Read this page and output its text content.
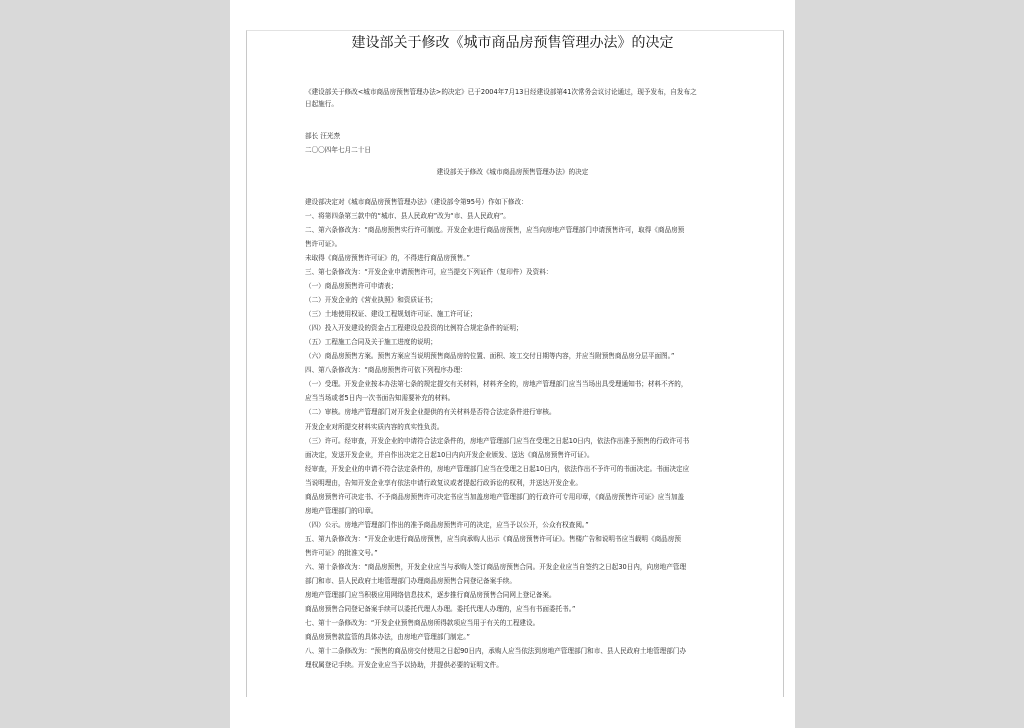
建设部关于修改《城市商品房预售管理办法》的决定
《建设部关于修改<城市商品房预售管理办法>的决定》已于2004年7月13日经建设部第41次常务会议讨论通过，现予发布，自发布之
日起施行。
部长 汪光焘
二〇〇四年七月二十日
建设部关于修改《城市商品房预售管理办法》的决定
建设部决定对《城市商品房预售管理办法》（建设部令第95号）作如下修改：
一、将第四条第三款中的“城市、县人民政府”改为“市、县人民政府”。
二、第六条修改为：“商品房预售实行许可制度。开发企业进行商品房预售，应当向房地产管理部门申请预售许可，取得《商品房预
售许可证》。
未取得《商品房预售许可证》的，不得进行商品房预售。”
三、第七条修改为：“开发企业申请预售许可，应当提交下列证件（复印件）及资料：
（一）商品房预售许可申请表；
（二）开发企业的《营业执照》和资质证书；
（三）土地使用权证、建设工程规划许可证、施工许可证；
（四）投入开发建设的资金占工程建设总投资的比例符合规定条件的证明；
（五）工程施工合同及关于施工进度的说明；
（六）商品房预售方案。预售方案应当说明预售商品房的位置、面积、竣工交付日期等内容，并应当附预售商品房分层平面图。”
四、第八条修改为：“商品房预售许可依下列程序办理：
（一）受理。开发企业按本办法第七条的规定提交有关材料，材料齐全的，房地产管理部门应当当场出具受理通知书；材料不齐的，
应当当场或者5日内一次书面告知需要补充的材料。
（二）审核。房地产管理部门对开发企业提供的有关材料是否符合法定条件进行审核。
开发企业对所提交材料实质内容的真实性负责。
（三）许可。经审查，开发企业的申请符合法定条件的，房地产管理部门应当在受理之日起10日内，依法作出准予预售的行政许可书
面决定，发送开发企业，并自作出决定之日起10日内向开发企业颁发、送达《商品房预售许可证》。
经审查，开发企业的申请不符合法定条件的，房地产管理部门应当在受理之日起10日内，依法作出不予许可的书面决定。书面决定应
当说明理由，告知开发企业享有依法申请行政复议或者提起行政诉讼的权利，并送达开发企业。
商品房预售许可决定书、不予商品房预售许可决定书应当加盖房地产管理部门的行政许可专用印章，《商品房预售许可证》应当加盖
房地产管理部门的印章。
（四）公示。房地产管理部门作出的准予商品房预售许可的决定，应当予以公开，公众有权查阅。”
五、第九条修改为：“开发企业进行商品房预售，应当向承购人出示《商品房预售许可证》。售楼广告和说明书应当载明《商品房预
售许可证》的批准文号。”
六、第十条修改为：“商品房预售，开发企业应当与承购人签订商品房预售合同。开发企业应当自签约之日起30日内，向房地产管理
部门和市、县人民政府土地管理部门办理商品房预售合同登记备案手续。
房地产管理部门应当积极应用网络信息技术，逐步推行商品房预售合同网上登记备案。
商品房预售合同登记备案手续可以委托代理人办理。委托代理人办理的，应当有书面委托书。”
七、第十一条修改为：“开发企业预售商品房所得款项应当用于有关的工程建设。
商品房预售款监管的具体办法，由房地产管理部门制定。”
八、第十二条修改为：“预售的商品房交付使用之日起90日内，承购人应当依法到房地产管理部门和市、县人民政府土地管理部门办
理权属登记手续。开发企业应当予以协助，并提供必要的证明文件。
